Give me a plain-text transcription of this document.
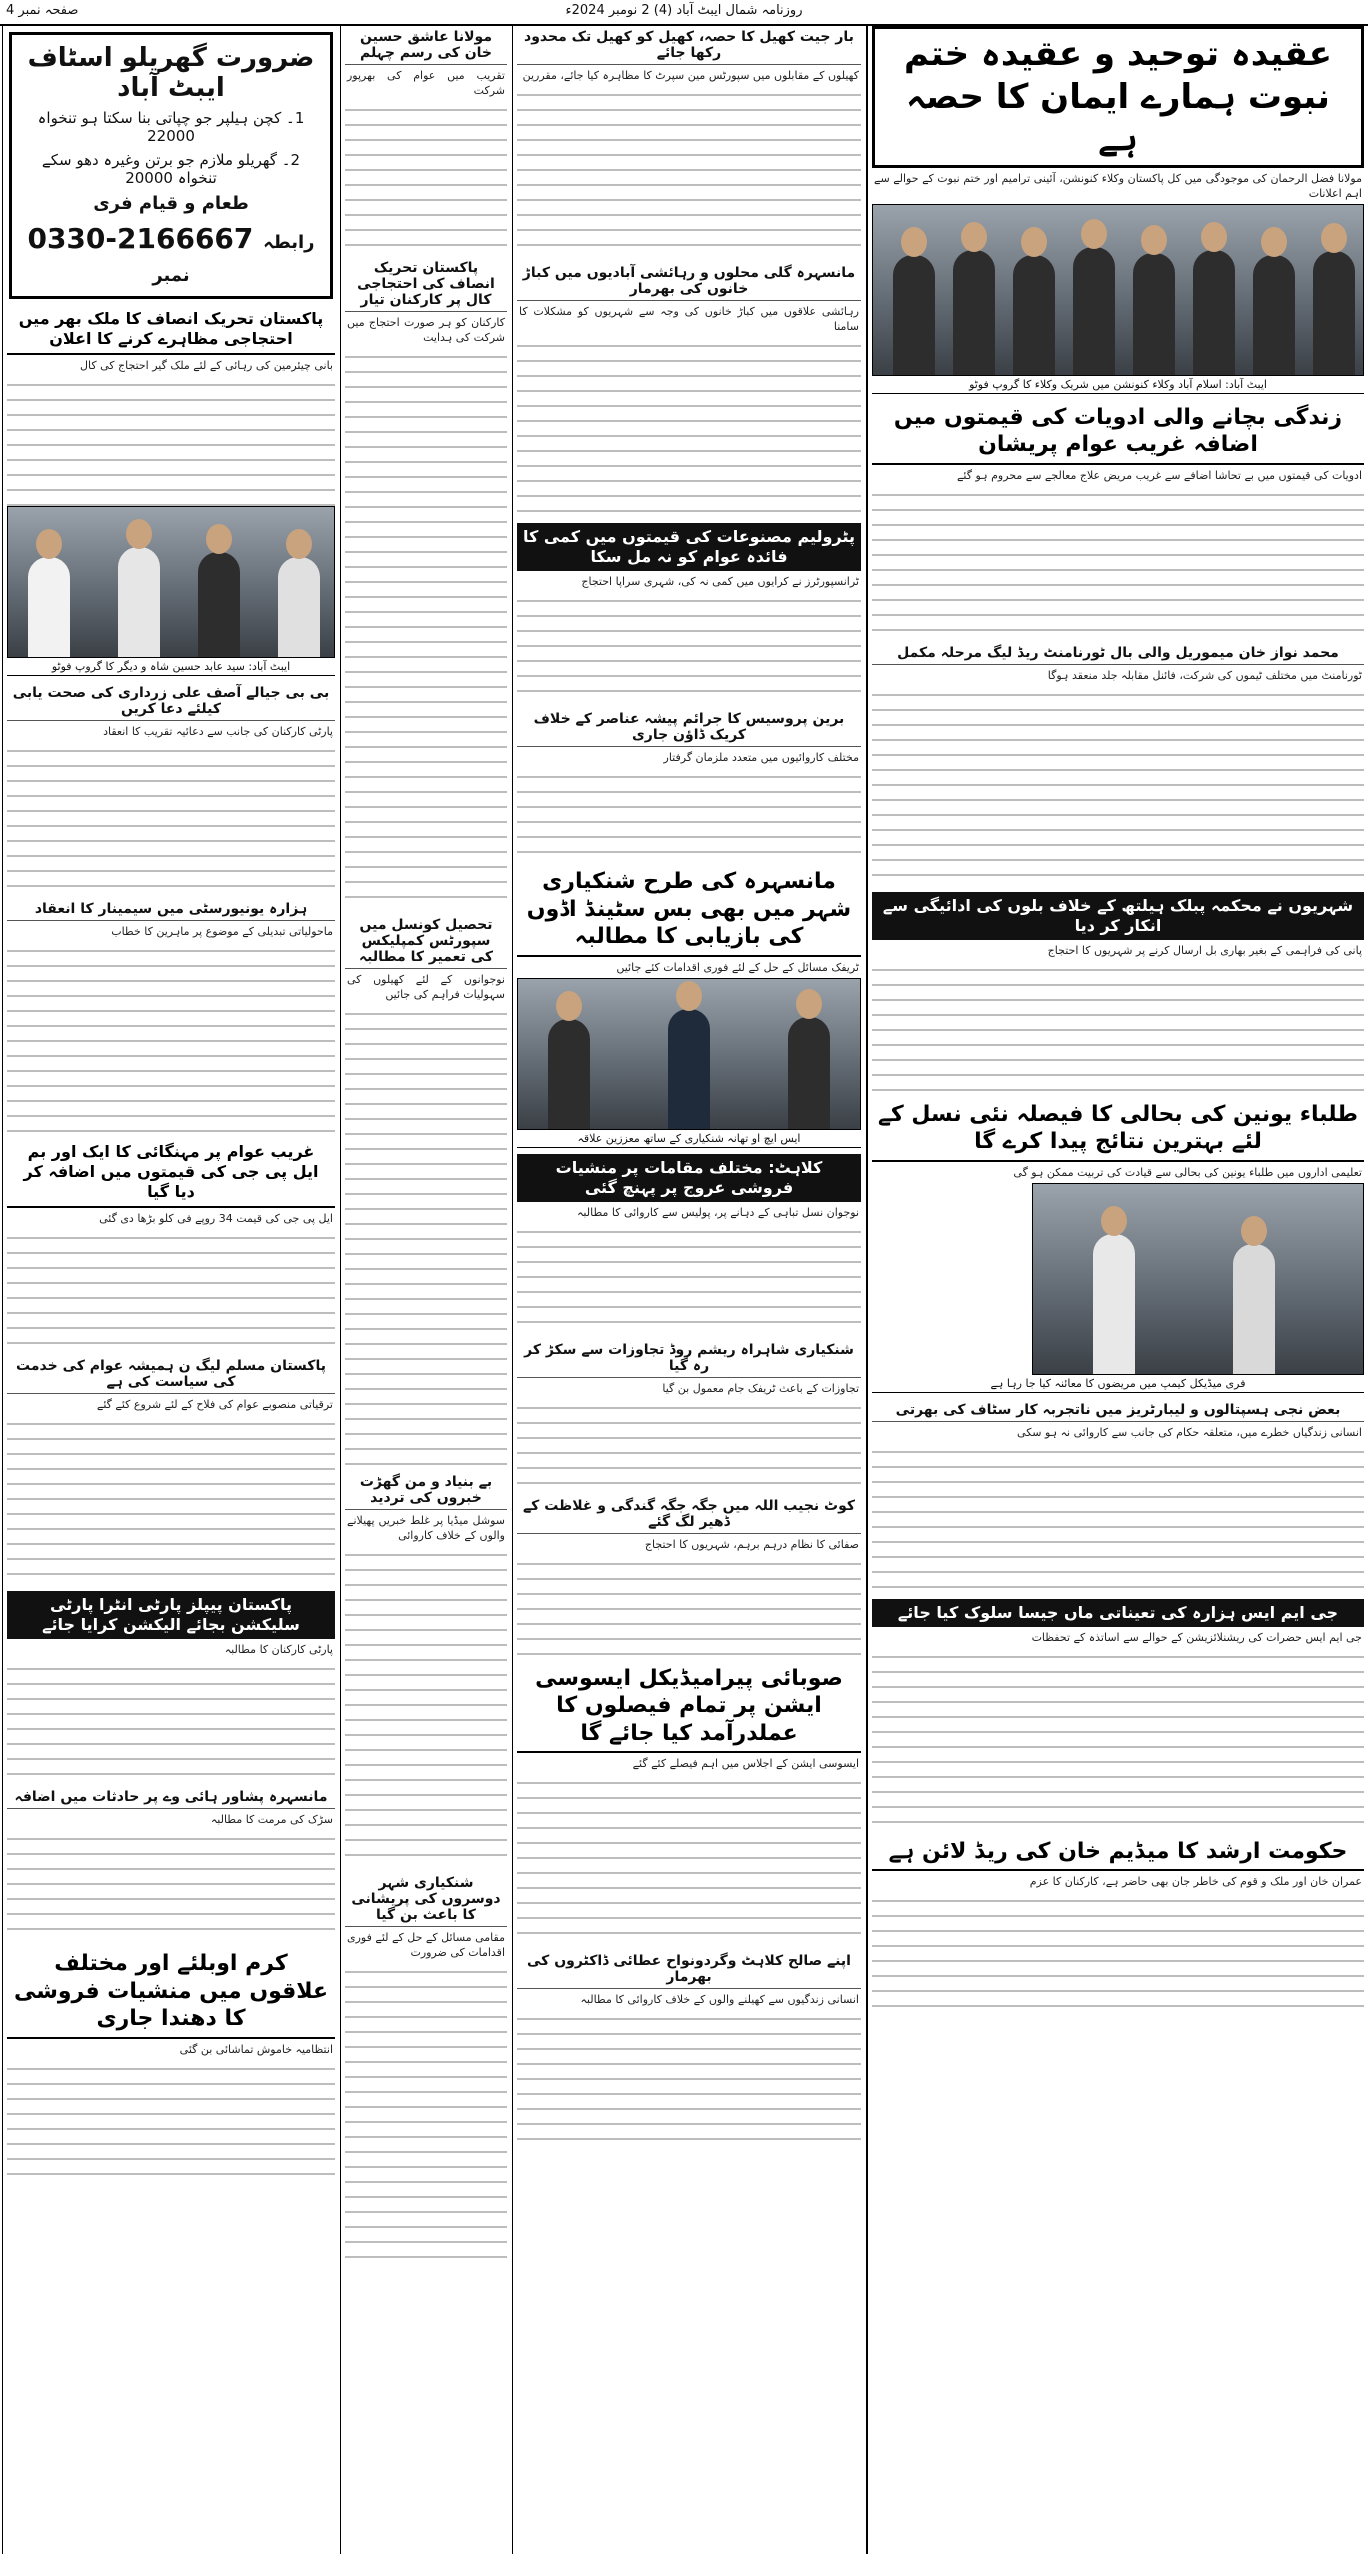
صفحہ نمبر 4	روزنامہ شمال ایبٹ آباد (4) 2 نومبر 2024ء
عقیدہ توحید و عقیدہ ختم نبوت ہمارے ایمان کا حصہ ہے
مولانا فضل الرحمان کی موجودگی میں کل پاکستان وکلاء کنونشن، آئینی ترامیم اور ختم نبوت کے حوالے سے اہم اعلانات
ایبٹ آباد: اسلام آباد وکلاء کنونشن میں شریک وکلاء کا گروپ فوٹو
زندگی بچانے والی ادویات کی قیمتوں میں اضافہ غریب عوام پریشان
ادویات کی قیمتوں میں بے تحاشا اضافے سے غریب مریض علاج معالجے سے محروم ہو گئے
محمد نواز خان میموریل والی بال ٹورنامنٹ ریڈ لیگ مرحلہ مکمل
ٹورنامنٹ میں مختلف ٹیموں کی شرکت، فائنل مقابلہ جلد منعقد ہوگا
شہریوں نے محکمہ پبلک ہیلتھ کے خلاف بلوں کی ادائیگی سے انکار کر دیا
پانی کی فراہمی کے بغیر بھاری بل ارسال کرنے پر شہریوں کا احتجاج
طلباء یونین کی بحالی کا فیصلہ نئی نسل کے لئے بہترین نتائج پیدا کرے گا
تعلیمی اداروں میں طلباء یونین کی بحالی سے قیادت کی تربیت ممکن ہو گی
فری میڈیکل کیمپ میں مریضوں کا معائنہ کیا جا رہا ہے
بعض نجی ہسپتالوں و لیبارٹریز میں ناتجربہ کار سٹاف کی بھرتی
انسانی زندگیاں خطرے میں، متعلقہ حکام کی جانب سے کاروائی نہ ہو سکی
جی ایم ایس ہزارہ کی تعیناتی ماں جیسا سلوک کیا جائے
جی ایم ایس حضرات کی ریشنلائزیشن کے حوالے سے اساتذہ کے تحفظات
حکومت ارشد کا میڈیم خان کی ریڈ لائن ہے
عمران خان اور ملک و قوم کی خاطر جان بھی حاضر ہے، کارکنان کا عزم
بار جیت کھیل کا حصہ، کھیل کو کھیل تک محدود رکھا جائے
کھیلوں کے مقابلوں میں سپورٹس مین سپرٹ کا مظاہرہ کیا جائے، مقررین
مانسہرہ گلی محلوں و رہائشی آبادیوں میں کباڑ خانوں کی بھرمار
رہائشی علاقوں میں کباڑ خانوں کی وجہ سے شہریوں کو مشکلات کا سامنا
پٹرولیم مصنوعات کی قیمتوں میں کمی کا فائدہ عوام کو نہ مل سکا
ٹرانسپورٹرز نے کرایوں میں کمی نہ کی، شہری سراپا احتجاج
برین پروسیس کا جرائم پیشہ عناصر کے خلاف کریک ڈاؤن جاری
مختلف کاروائیوں میں متعدد ملزمان گرفتار
مانسہرہ کی طرح شنکیاری شہر میں بھی بس سٹینڈ اڈوں کی بازیابی کا مطالبہ
ٹریفک مسائل کے حل کے لئے فوری اقدامات کئے جائیں
ایس ایچ او تھانہ شنکیاری کے ساتھ معززین علاقہ
کلاہٹ: مختلف مقامات پر منشیات فروشی عروج پر پہنچ گئی
نوجوان نسل تباہی کے دہانے پر، پولیس سے کاروائی کا مطالبہ
شنکیاری شاہراہ ریشم روڈ تجاوزات سے سکڑ کر رہ گیا
تجاوزات کے باعث ٹریفک جام معمول بن گیا
کوٹ نجیب اللہ میں جگہ جگہ گندگی و غلاظت کے ڈھیر لگ گئے
صفائی کا نظام درہم برہم، شہریوں کا احتجاج
صوبائی پیرامیڈیکل ایسوسی ایشن پر تمام فیصلوں کا عملدرآمد کیا جائے گا
ایسوسی ایشن کے اجلاس میں اہم فیصلے کئے گئے
اپنے صالح کلاہٹ وگردونواح عطائی ڈاکٹروں کی بھرمار
انسانی زندگیوں سے کھیلنے والوں کے خلاف کاروائی کا مطالبہ
مولانا عاشق حسین خان کی رسم چہلم
تقریب میں عوام کی بھرپور شرکت
پاکستان تحریک انصاف کی احتجاجی کال پر کارکنان تیار
کارکنان کو ہر صورت احتجاج میں شرکت کی ہدایت
تحصیل کونسل میں سپورٹس کمپلیکس کی تعمیر کا مطالبہ
نوجوانوں کے لئے کھیلوں کی سہولیات فراہم کی جائیں
بے بنیاد و من گھڑت خبروں کی تردید
سوشل میڈیا پر غلط خبریں پھیلانے والوں کے خلاف کاروائی
شنکیاری شہر دوسروں کی پریشانی کا باعث بن گیا
مقامی مسائل کے حل کے لئے فوری اقدامات کی ضرورت
ضرورت گھریلو اسٹاف ایبٹ آباد
1۔ کچن ہیلپر جو چپاتی بنا سکتا ہو تنخواہ 22000
2۔ گھریلو ملازم جو برتن وغیرہ دھو سکے تنخواہ 20000
طعام و قیام فری
0330-2166667 رابطہ نمبر
پاکستان تحریک انصاف کا ملک بھر میں احتجاجی مظاہرے کرنے کا اعلان
بانی چیئرمین کی رہائی کے لئے ملک گیر احتجاج کی کال
ایبٹ آباد: سید عابد حسین شاہ و دیگر کا گروپ فوٹو
بی بی جیالے آصف علی زرداری کی صحت یابی کیلئے دعا کریں
پارٹی کارکنان کی جانب سے دعائیہ تقریب کا انعقاد
ہزارہ یونیورسٹی میں سیمینار کا انعقاد
ماحولیاتی تبدیلی کے موضوع پر ماہرین کا خطاب
غریب عوام پر مہنگائی کا ایک اور بم ایل پی جی کی قیمتوں میں اضافہ کر دیا گیا
ایل پی جی کی قیمت 34 روپے فی کلو بڑھا دی گئی
پاکستان مسلم لیگ ن ہمیشہ عوام کی خدمت کی سیاست کی ہے
ترقیاتی منصوبے عوام کی فلاح کے لئے شروع کئے گئے
پاکستان پیپلز پارٹی انٹرا پارٹی سلیکشن بجائے الیکشن کرایا جائے
پارٹی کارکنان کا مطالبہ
مانسہرہ پشاور ہائی وے پر حادثات میں اضافہ
سڑک کی مرمت کا مطالبہ
کرم اوبلئے اور مختلف علاقوں میں منشیات فروشی کا دھندا جاری
انتظامیہ خاموش تماشائی بن گئی
